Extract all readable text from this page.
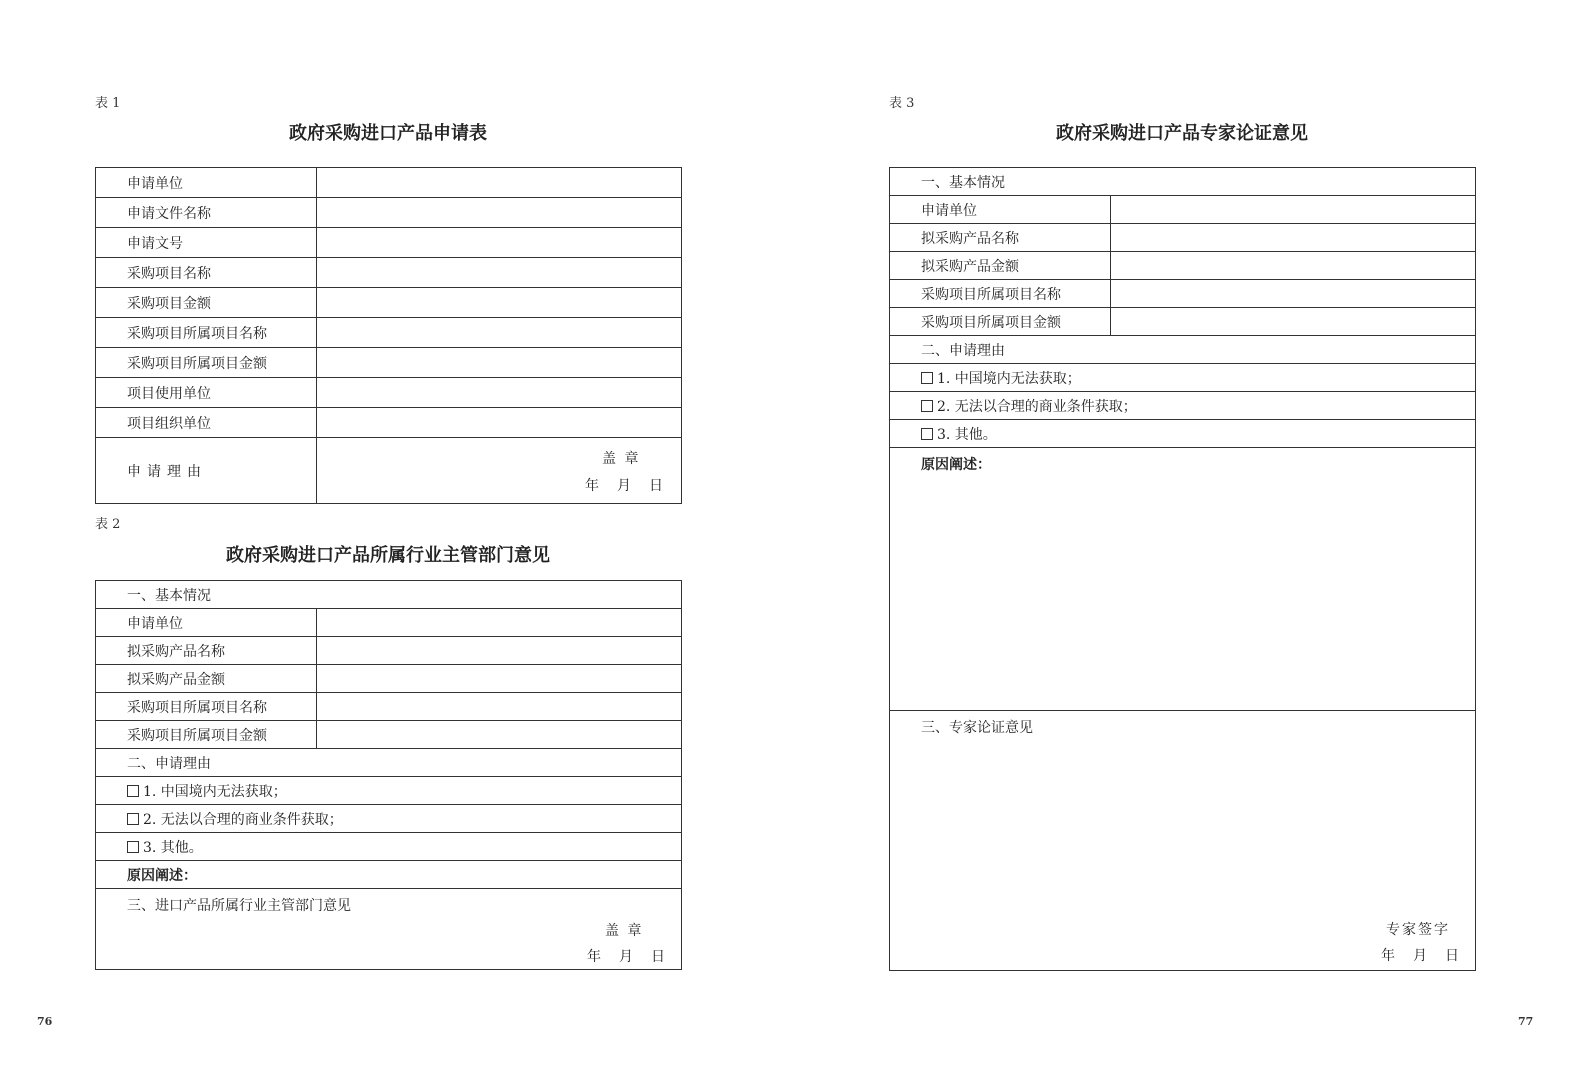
表 1
政府采购进口产品申请表
申请单位	
申请文件名称	
申请文号	
采购项目名称	
采购项目金额	
采购项目所属项目名称	
采购项目所属项目金额	
项目使用单位	
项目组织单位	
申请理由	盖 章
年　月　日
表 2
政府采购进口产品所属行业主管部门意见
一、基本情况	
申请单位	
拟采购产品名称	
拟采购产品金额	
采购项目所属项目名称	
采购项目所属项目金额	
二、申请理由	
1. 中国境内无法获取；	
2. 无法以合理的商业条件获取；	
3. 其他。	
原因阐述：	

三、进口产品所属行业主管部门意见
盖 章
年　月　日	
76
表 3
政府采购进口产品专家论证意见
一、基本情况	
申请单位	
拟采购产品名称	
拟采购产品金额	
采购项目所属项目名称	
采购项目所属项目金额	
二、申请理由	
1. 中国境内无法获取；	
2. 无法以合理的商业条件获取；	
3. 其他。	

原因阐述：	

三、专家论证意见
专家签字
年　月　日	
77
